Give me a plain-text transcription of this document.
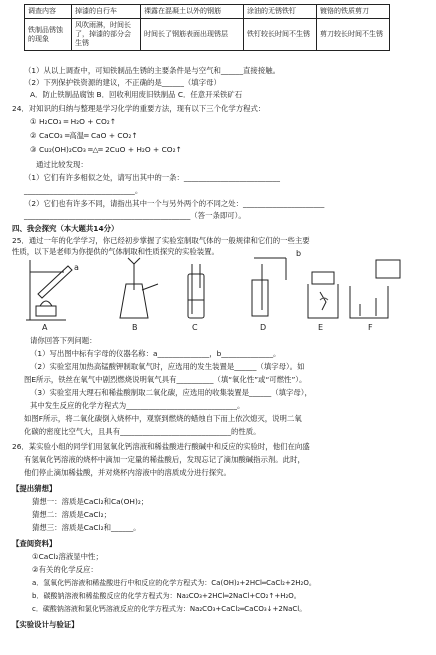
调查内容	掉漆的自行车	裸露在混凝土以外的钢筋	涂油的无锈铁钉	镀铬的铁质剪刀
铁制品锈蚀的现象	风吹雨淋，时间长了，掉漆的部分会生锈	时间长了钢筋表面出现锈层	铁钉较长时间不生锈	剪刀较长时间不生锈
（1）从以上调查中，可知铁制品生锈的主要条件是与空气和______直接接触。
（2）下列保护铁资源的建议，不正确的是______（填字母）
A．防止铁制品腐蚀 B．回收利用废旧铁制品 C．任意开采铁矿石
24．对知识的归纳与整理是学习化学的重要方法，现有以下三个化学方程式：
① H₂CO₃ ═ H₂O + CO₂↑
② CaCO₃ ═高温═ CaO + CO₂↑
③ Cu₂(OH)₂CO₃ ═△═ 2CuO + H₂O + CO₂↑
通过比较发现：
（1）它们有许多相似之处，请写出其中的一条：__________________________
______________________________。
（2）它们也有许多不同，请指出其中一个与另外两个的不同之处：______________________
_____________________________________________（答一条即可）。
四、我会探究（本大题共14分）
25．通过一年的化学学习，你已经初步掌握了实验室制取气体的一般规律和它们的一些主要
性质，以下是老师为你提供的气体制取和性质探究的实验装置。	b
a
A	B	C	D	E	F
请你回答下列问题：
（1）写出图中标有字母的仪器名称：a______________，b______________。
（2）实验室用加热高锰酸钾制取氧气时，应选用的发生装置是______（填字母）。如
图E所示，铁丝在氧气中剧烈燃烧说明氧气具有__________（填“氧化性”或“可燃性”）。
（3）实验室用大理石和稀盐酸制取二氧化碳，应选用的收集装置是______（填字母），
其中发生反应的化学方程式为______________________________。
如图F所示，将二氧化碳倒入烧杯中，观察到燃烧的蜡烛自下而上依次熄灭，说明二氧
化碳的密度比空气大，且具有______________________________的性质。
26．某实验小组的同学们用氢氧化钙溶液和稀盐酸进行酸碱中和反应的实验时，他们在向盛
有氢氧化钙溶液的烧杯中滴加一定量的稀盐酸后，发现忘记了滴加酸碱指示剂。此时，
他们停止滴加稀盐酸，并对烧杯内溶液中的溶质成分进行探究。
【提出猜想】
猜想一：溶质是CaCl₂和Ca(OH)₂；
猜想二：溶质是CaCl₂；
猜想三：溶质是CaCl₂和______。
【查阅资料】
①CaCl₂溶液显中性；
②有关的化学反应：
a．氢氧化钙溶液和稀盐酸进行中和反应的化学方程式为：Ca(OH)₂+2HCl═CaCl₂+2H₂O。
b．碳酸钠溶液和稀盐酸反应的化学方程式为：Na₂CO₃+2HCl═2NaCl+CO₂↑+H₂O。
c．碳酸钠溶液和氯化钙溶液反应的化学方程式为：Na₂CO₃+CaCl₂═CaCO₃↓+2NaCl。
【实验设计与验证】
